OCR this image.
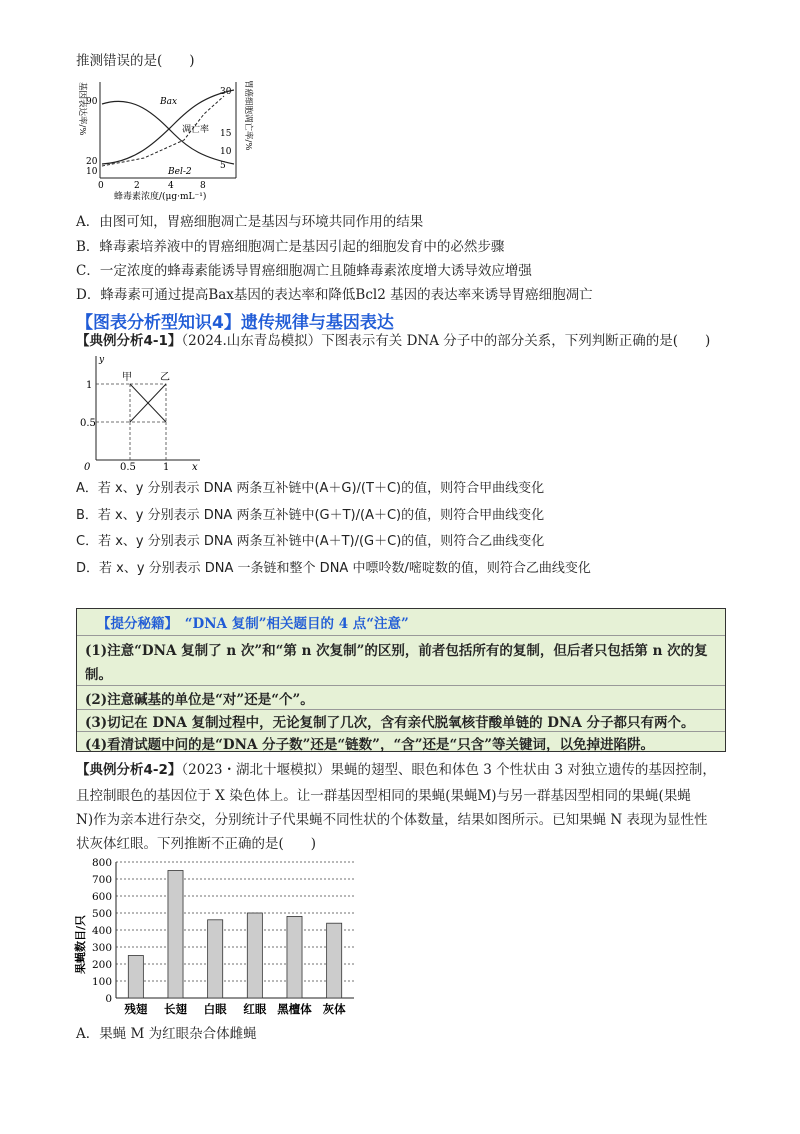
推测错误的是(　　)
基因表达率/%	胃癌细胞凋亡率/%
90
20
10
30
15
10
5
0	2	4	8
蜂毒素浓度/(μg·mL⁻¹)
Bax
凋亡率
Bel-2
A．由图可知，胃癌细胞凋亡是基因与环境共同作用的结果
B．蜂毒素培养液中的胃癌细胞凋亡是基因引起的细胞发育中的必然步骤
C．一定浓度的蜂毒素能诱导胃癌细胞凋亡且随蜂毒素浓度增大诱导效应增强
D．蜂毒素可通过提高Bax基因的表达率和降低Bcl2 基因的表达率来诱导胃癌细胞凋亡
【图表分析型知识4】遗传规律与基因表达
【典例分析4-1】（2024.山东青岛模拟）下图表示有关 DNA 分子中的部分关系，下列判断正确的是(　　)
y
甲	乙
1
0.5
0	0.5	1 x
A．若 x、y 分别表示 DNA 两条互补链中(A＋G)/(T＋C)的值，则符合甲曲线变化
B．若 x、y 分别表示 DNA 两条互补链中(G＋T)/(A＋C)的值，则符合甲曲线变化
C．若 x、y 分别表示 DNA 两条互补链中(A＋T)/(G＋C)的值，则符合乙曲线变化
D．若 x、y 分别表示 DNA 一条链和整个 DNA 中嘌呤数/嘧啶数的值，则符合乙曲线变化
【提分秘籍】　“DNA 复制”相关题目的 4 点“注意”
(1)注意“DNA 复制了 n 次”和“第 n 次复制”的区别，前者包括所有的复制，但后者只包括第 n 次的复
制。
(2)注意碱基的单位是“对”还是“个”。
(3)切记在 DNA 复制过程中，无论复制了几次，含有亲代脱氧核苷酸单链的 DNA 分子都只有两个。
(4)看清试题中问的是“DNA 分子数”还是“链数”，“含”还是“只含”等关键词，以免掉进陷阱。
【典例分析4-2】（2023・湖北十堰模拟）果蝇的翅型、眼色和体色 3 个性状由 3 对独立遗传的基因控制，
且控制眼色的基因位于 X 染色体上。让一群基因型相同的果蝇(果蝇M)与另一群基因型相同的果蝇(果蝇
N)作为亲本进行杂交，分别统计子代果蝇不同性状的个体数量，结果如图所示。已知果蝇 N 表现为显性性
状灰体红眼。下列推断不正确的是(　　)
果蝇数目/只
0
100
200
300
400
500
600
700
800
残翅 长翅 白眼 红眼 黑檀体 灰体
A．果蝇 M 为红眼杂合体雌蝇
